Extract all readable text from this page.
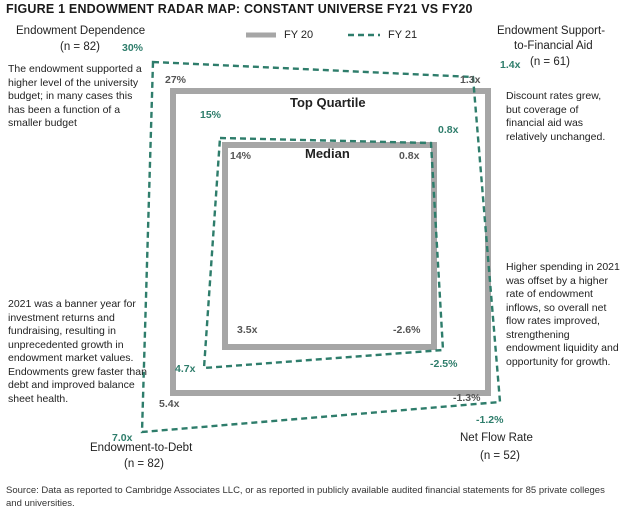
FIGURE 1 ENDOWMENT RADAR MAP: CONSTANT UNIVERSE FY21 VS FY20
FY 20	FY 21
Top Quartile
Median
Endowment Dependence
(n = 82)
Endowment Support-
to-Financial Aid
(n = 61)
Net Flow Rate
(n = 52)
Endowment-to-Debt
(n = 82)
27%	1.3x
-1.3%
5.4x
14%	0.8x
-2.6%
3.5x
30%
1.4x
-1.2%
7.0x
15%
0.8x
-2.5%
4.7x
The endowment supported a higher level of the university budget; in many cases this has been a function of a smaller budget
Discount rates grew, but coverage of financial aid was relatively unchanged.
2021 was a banner year for investment returns and fundraising, resulting in unprecedented growth in endowment market values. Endowments grew faster than debt and improved balance sheet health.
Higher spending in 2021 was offset by a higher rate of endowment inflows, so overall net flow rates improved, strengthening endowment liquidity and opportunity for growth.
Source: Data as reported to Cambridge Associates LLC, or as reported in publicly available audited financial statements for 85 private colleges and universities.
